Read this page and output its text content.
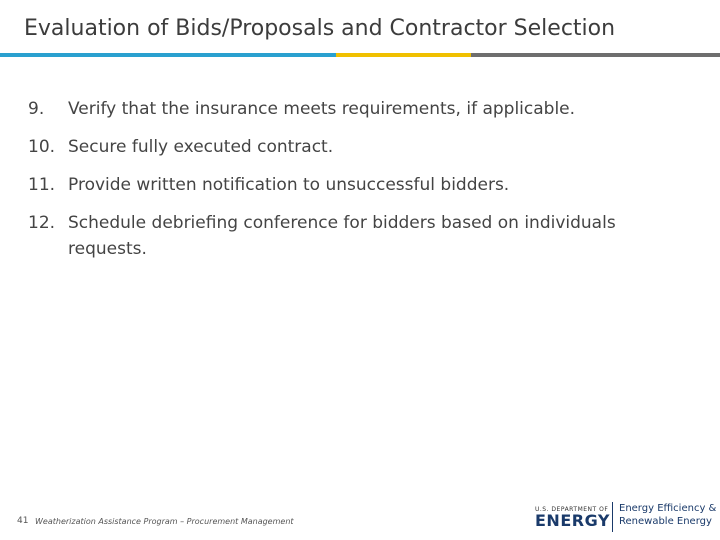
Evaluation of Bids/Proposals and Contractor Selection
9.	Verify that the insurance meets requirements, if applicable.
10. Secure fully executed contract.
11. Provide written notification to unsuccessful bidders.
12. Schedule debriefing conference for bidders based on individuals requests.
41 Weatherization Assistance Program – Procurement Management
U.S. DEPARTMENT OF
ENERGY
Energy Efficiency &
Renewable Energy
